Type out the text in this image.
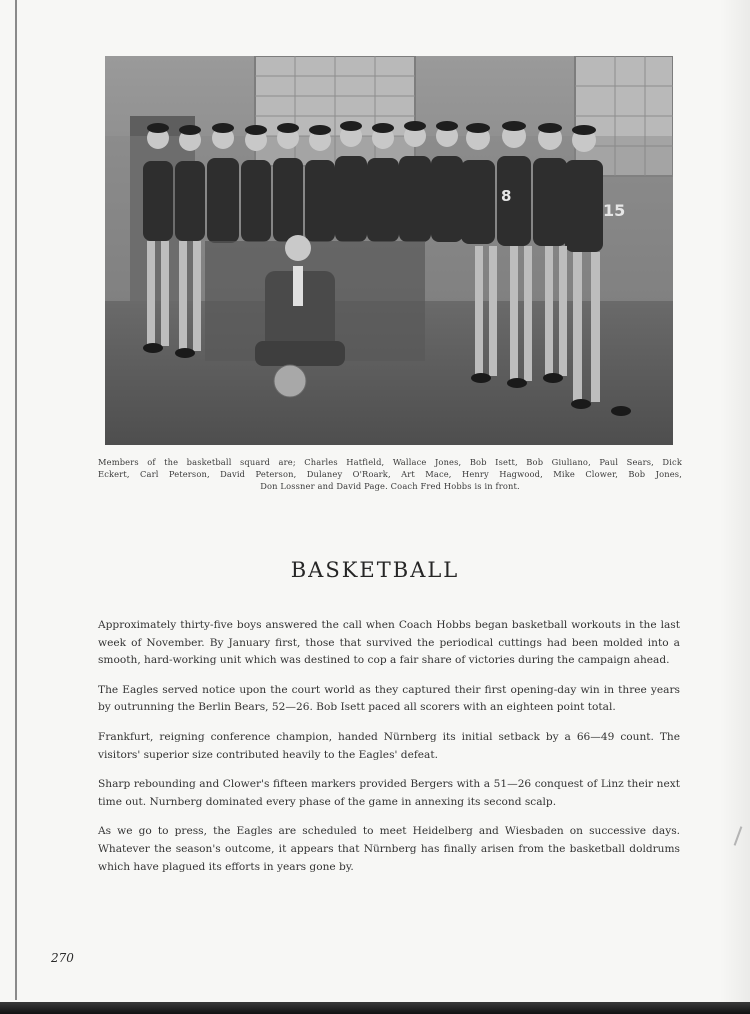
8
15
Members of the basketball squard are; Charles Hatfield, Wallace Jones, Bob Isett, Bob Giuliano, Paul Sears, Dick
Eckert, Carl Peterson, David Peterson, Dulaney O'Roark, Art Mace, Henry Hagwood, Mike Clower, Bob Jones,
Don Lossner and David Page. Coach Fred Hobbs is in front.
BASKETBALL

Approximately thirty-five boys answered the call when Coach Hobbs began basketball workouts in the last week of November. By January first, those that survived the periodical cuttings had been molded into a smooth, hard-working unit which was destined to cop a fair share of victories during the campaign ahead.

The Eagles served notice upon the court world as they captured their first opening-day win in three years by outrunning the Berlin Bears, 52—26. Bob Isett paced all scorers with an eighteen point total.

Frankfurt, reigning conference champion, handed Nürnberg its initial setback by a 66—49 count. The visitors' superior size contributed heavily to the Eagles' defeat.

Sharp rebounding and Clower's fifteen markers provided Bergers with a 51—26 conquest of Linz their next time out. Nurnberg dominated every phase of the game in annexing its second scalp.

As we go to press, the Eagles are scheduled to meet Heidelberg and Wiesbaden on successive days. Whatever the season's outcome, it appears that Nürnberg has finally arisen from the basketball doldrums which have plagued its efforts in years gone by.

270
